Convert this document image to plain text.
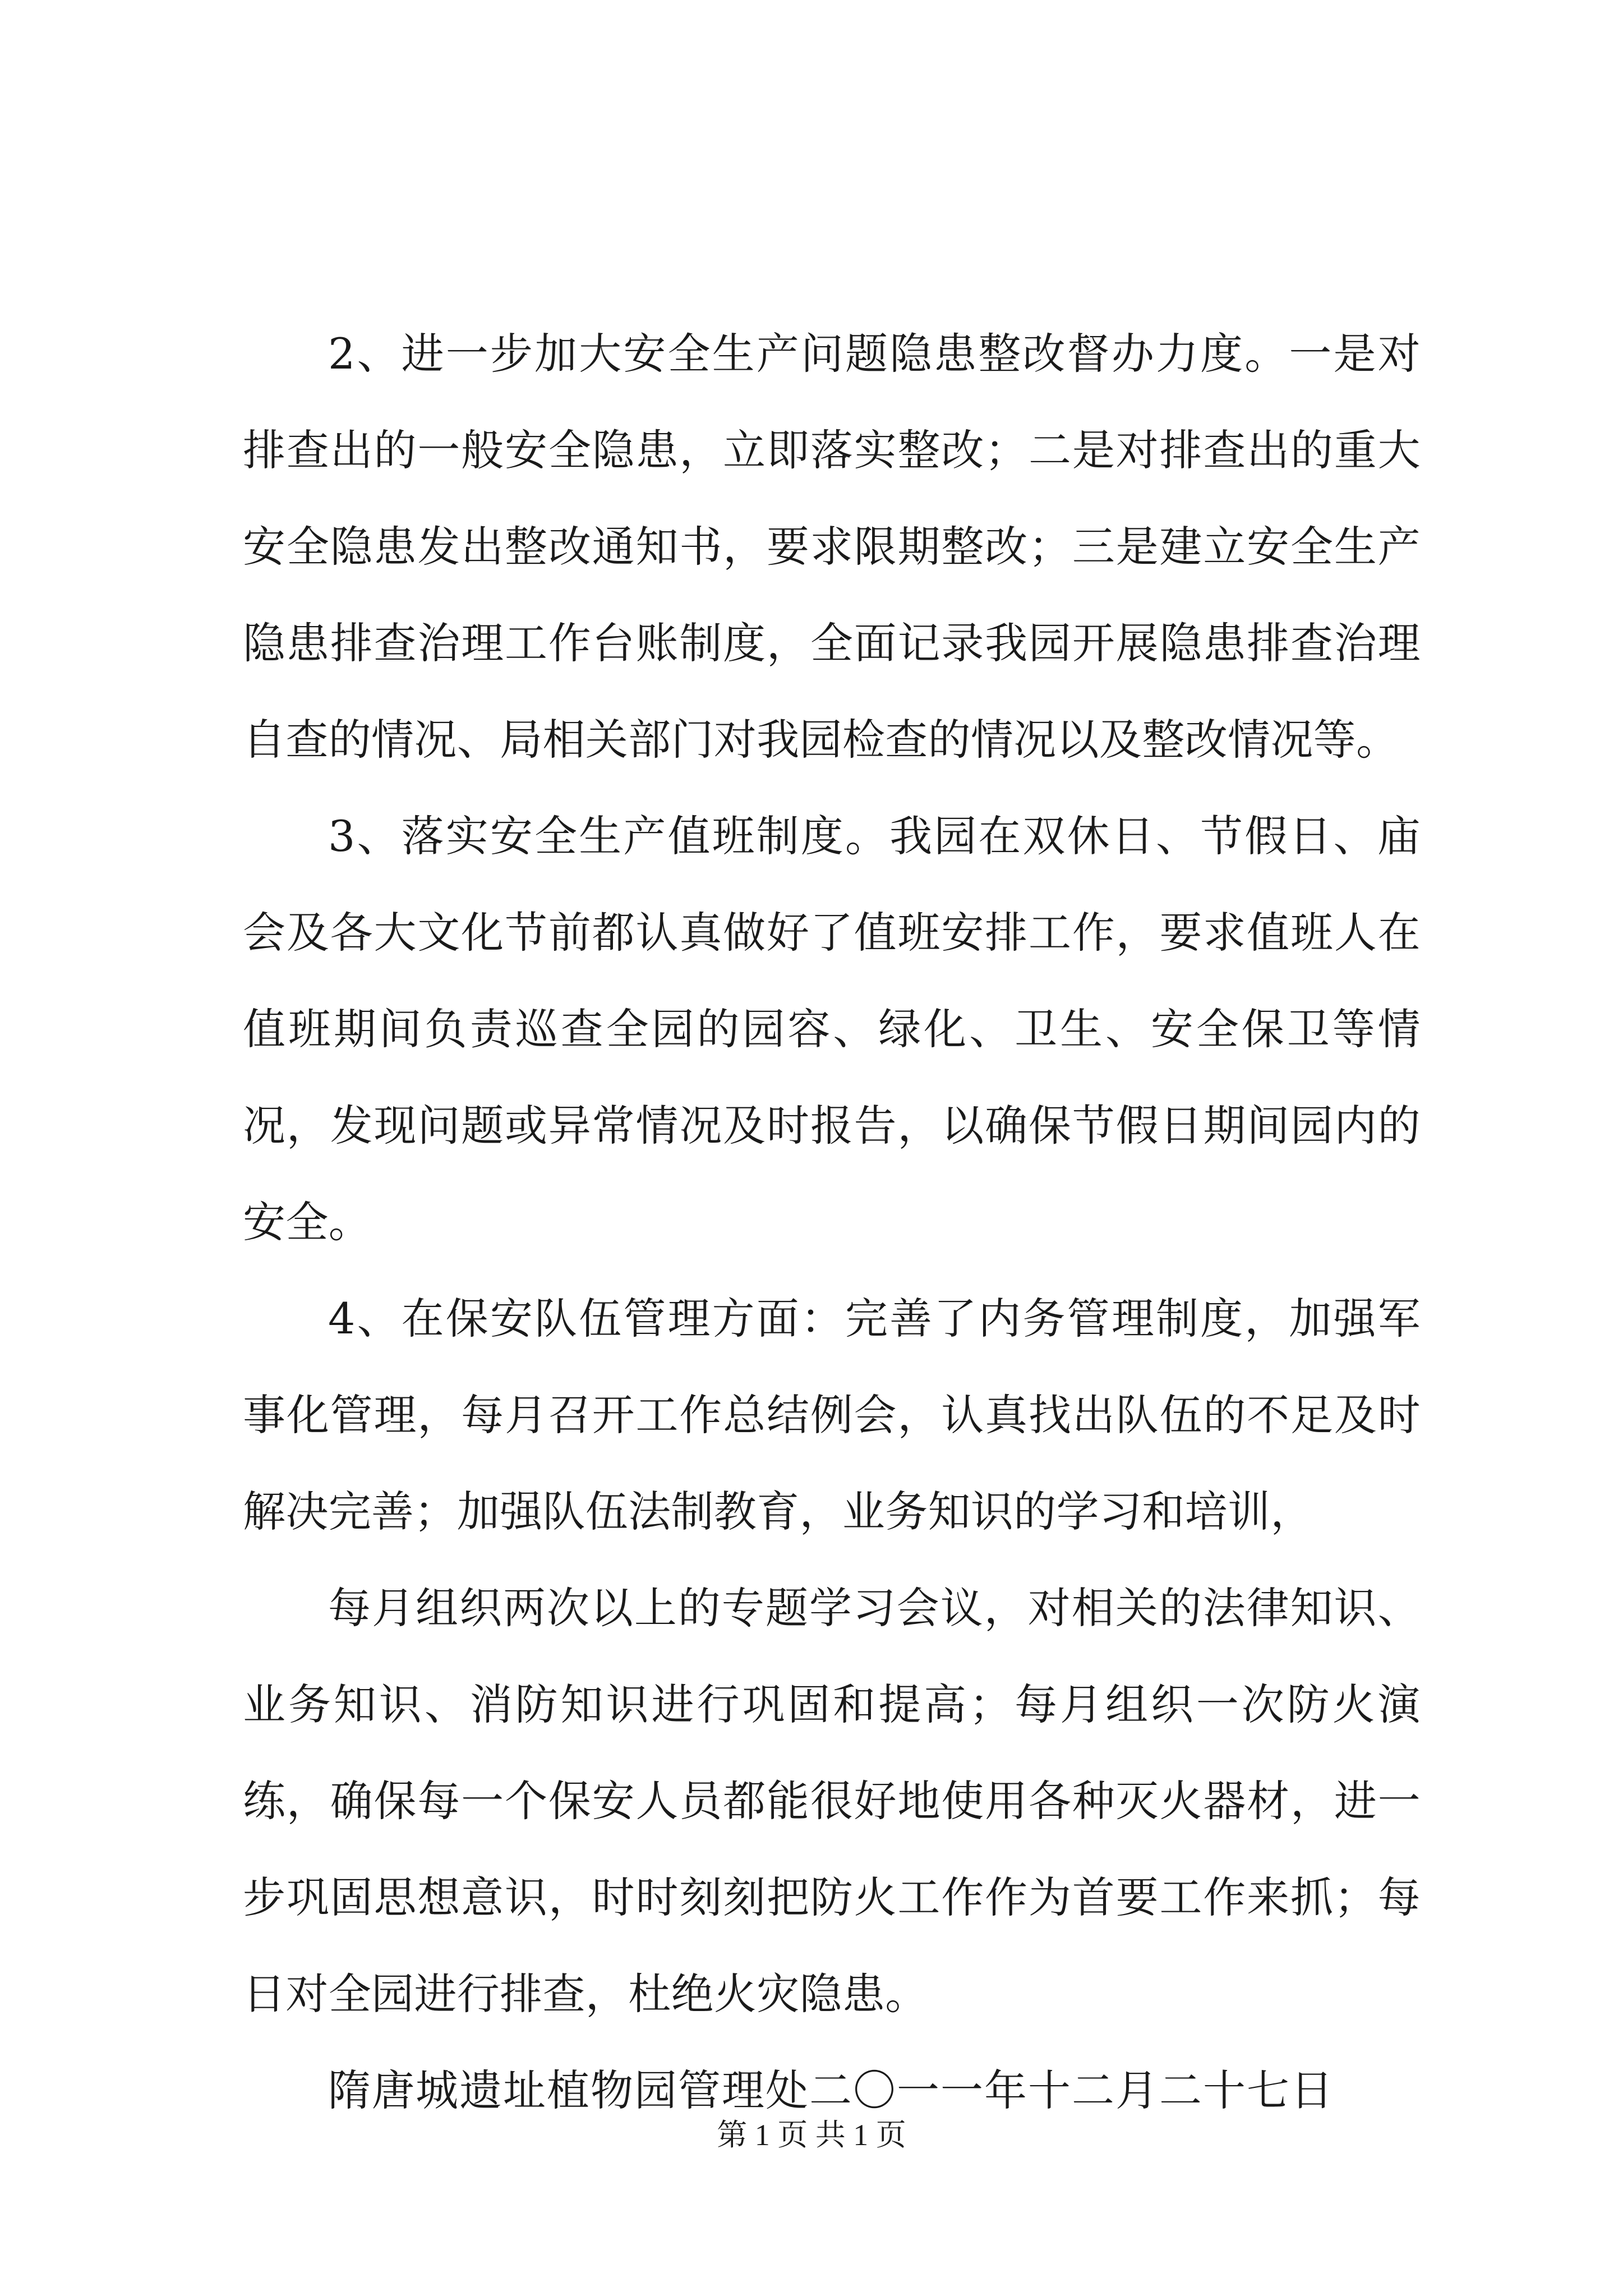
2、进一步加大安全生产问题隐患整改督办力度。一是对排查出的一般安全隐患，立即落实整改；二是对排查出的重大安全隐患发出整改通知书，要求限期整改；三是建立安全生产隐患排查治理工作台账制度，全面记录我园开展隐患排查治理自查的情况、局相关部门对我园检查的情况以及整改情况等。

3、落实安全生产值班制度。我园在双休日、节假日、庙会及各大文化节前都认真做好了值班安排工作，要求值班人在值班期间负责巡查全园的园容、绿化、卫生、安全保卫等情况，发现问题或异常情况及时报告，以确保节假日期间园内的安全。

4、在保安队伍管理方面：完善了内务管理制度，加强军事化管理，每月召开工作总结例会，认真找出队伍的不足及时解决完善；加强队伍法制教育，业务知识的学习和培训，

每月组织两次以上的专题学习会议，对相关的法律知识、业务知识、消防知识进行巩固和提高；每月组织一次防火演练，确保每一个保安人员都能很好地使用各种灭火器材，进一步巩固思想意识，时时刻刻把防火工作作为首要工作来抓；每日对全园进行排查，杜绝火灾隐患。

隋唐城遗址植物园管理处二〇一一年十二月二十七日

第 1 页 共 1 页
